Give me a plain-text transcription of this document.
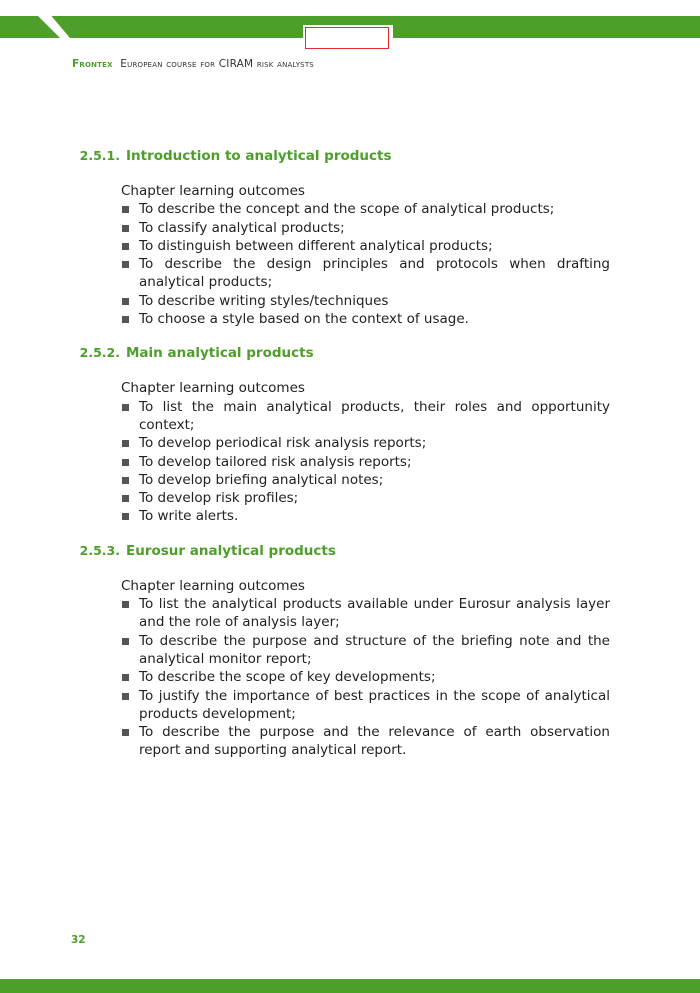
Frontex European course for CIRAM risk analysts
2.5.1. Introduction to analytical products
Chapter learning outcomes
To describe the concept and the scope of analytical products;
To classify analytical products;
To distinguish between different analytical products;
To describe the design principles and protocols when drafting analytical products;
To describe writing styles/techniques
To choose a style based on the context of usage.
2.5.2. Main analytical products
Chapter learning outcomes
To list the main analytical products, their roles and opportunity context;
To develop periodical risk analysis reports;
To develop tailored risk analysis reports;
To develop briefing analytical notes;
To develop risk profiles;
To write alerts.
2.5.3. Eurosur analytical products
Chapter learning outcomes
To list the analytical products available under Eurosur analysis layer and the role of analysis layer;
To describe the purpose and structure of the briefing note and the analytical monitor report;
To describe the scope of key developments;
To justify the importance of best practices in the scope of analytical products development;
To describe the purpose and the relevance of earth observation report and supporting analytical report.
32
